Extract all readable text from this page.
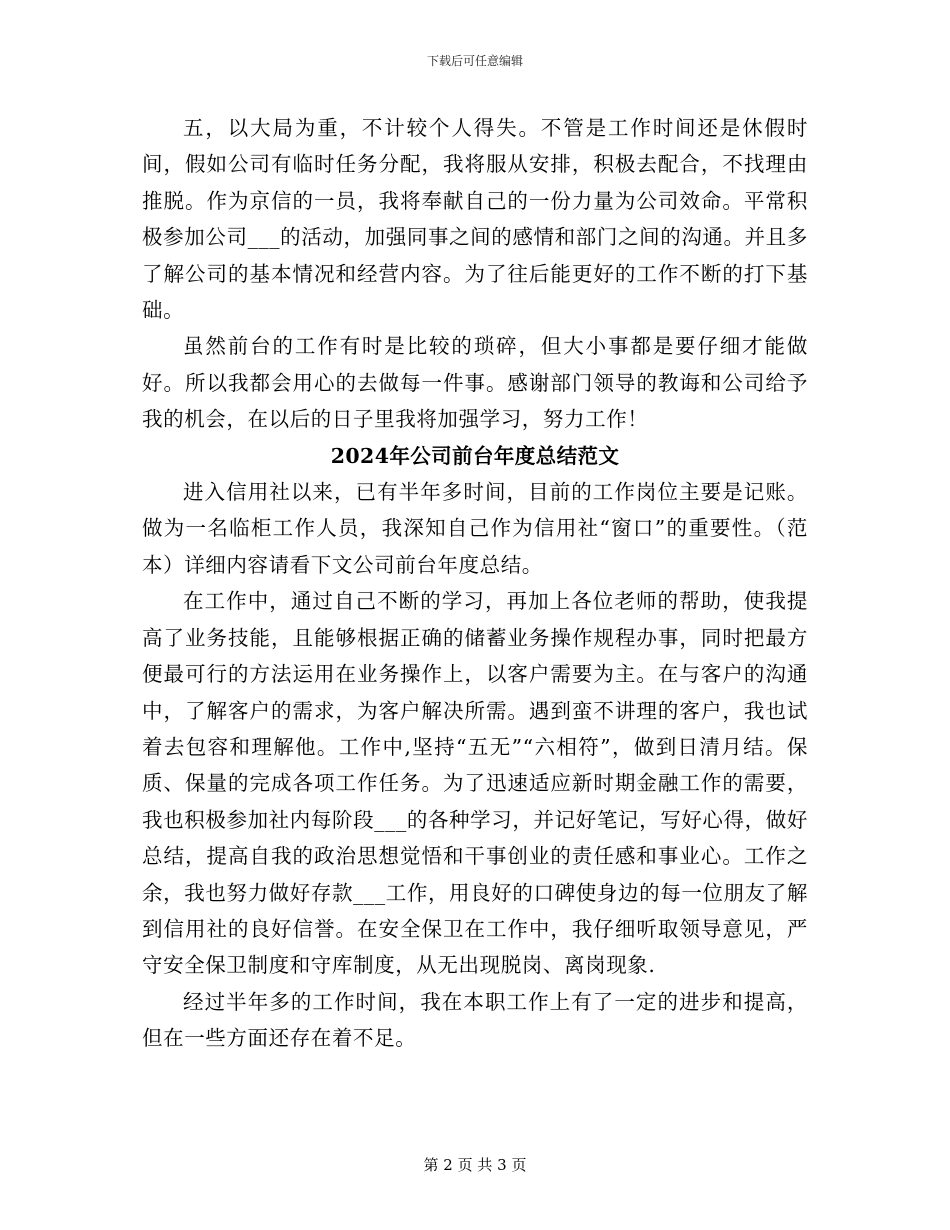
下载后可任意编辑

五，以大局为重，不计较个人得失。不管是工作时间还是休假时间，假如公司有临时任务分配，我将服从安排，积极去配合，不找理由推脱。作为京信的一员，我将奉献自己的一份力量为公司效命。平常积极参加公司___的活动，加强同事之间的感情和部门之间的沟通。并且多了解公司的基本情况和经营内容。为了往后能更好的工作不断的打下基础。

虽然前台的工作有时是比较的琐碎，但大小事都是要仔细才能做好。所以我都会用心的去做每一件事。感谢部门领导的教诲和公司给予我的机会，在以后的日子里我将加强学习，努力工作！

2024年公司前台年度总结范文

进入信用社以来，已有半年多时间，目前的工作岗位主要是记账。做为一名临柜工作人员，我深知自己作为信用社“窗口”的重要性。（范本）详细内容请看下文公司前台年度总结。

在工作中，通过自己不断的学习，再加上各位老师的帮助，使我提高了业务技能，且能够根据正确的储蓄业务操作规程办事，同时把最方便最可行的方法运用在业务操作上，以客户需要为主。在与客户的沟通中，了解客户的需求，为客户解决所需。遇到蛮不讲理的客户，我也试着去包容和理解他。工作中,坚持“五无”“六相符”，做到日清月结。保质、保量的完成各项工作任务。为了迅速适应新时期金融工作的需要，我也积极参加社内每阶段___的各种学习，并记好笔记，写好心得，做好总结，提高自我的政治思想觉悟和干事创业的责任感和事业心。工作之余，我也努力做好存款___工作，用良好的口碑使身边的每一位朋友了解到信用社的良好信誉。在安全保卫在工作中，我仔细听取领导意见，严守安全保卫制度和守库制度，从无出现脱岗、离岗现象.

经过半年多的工作时间，我在本职工作上有了一定的进步和提高，但在一些方面还存在着不足。

第 2 页 共 3 页
